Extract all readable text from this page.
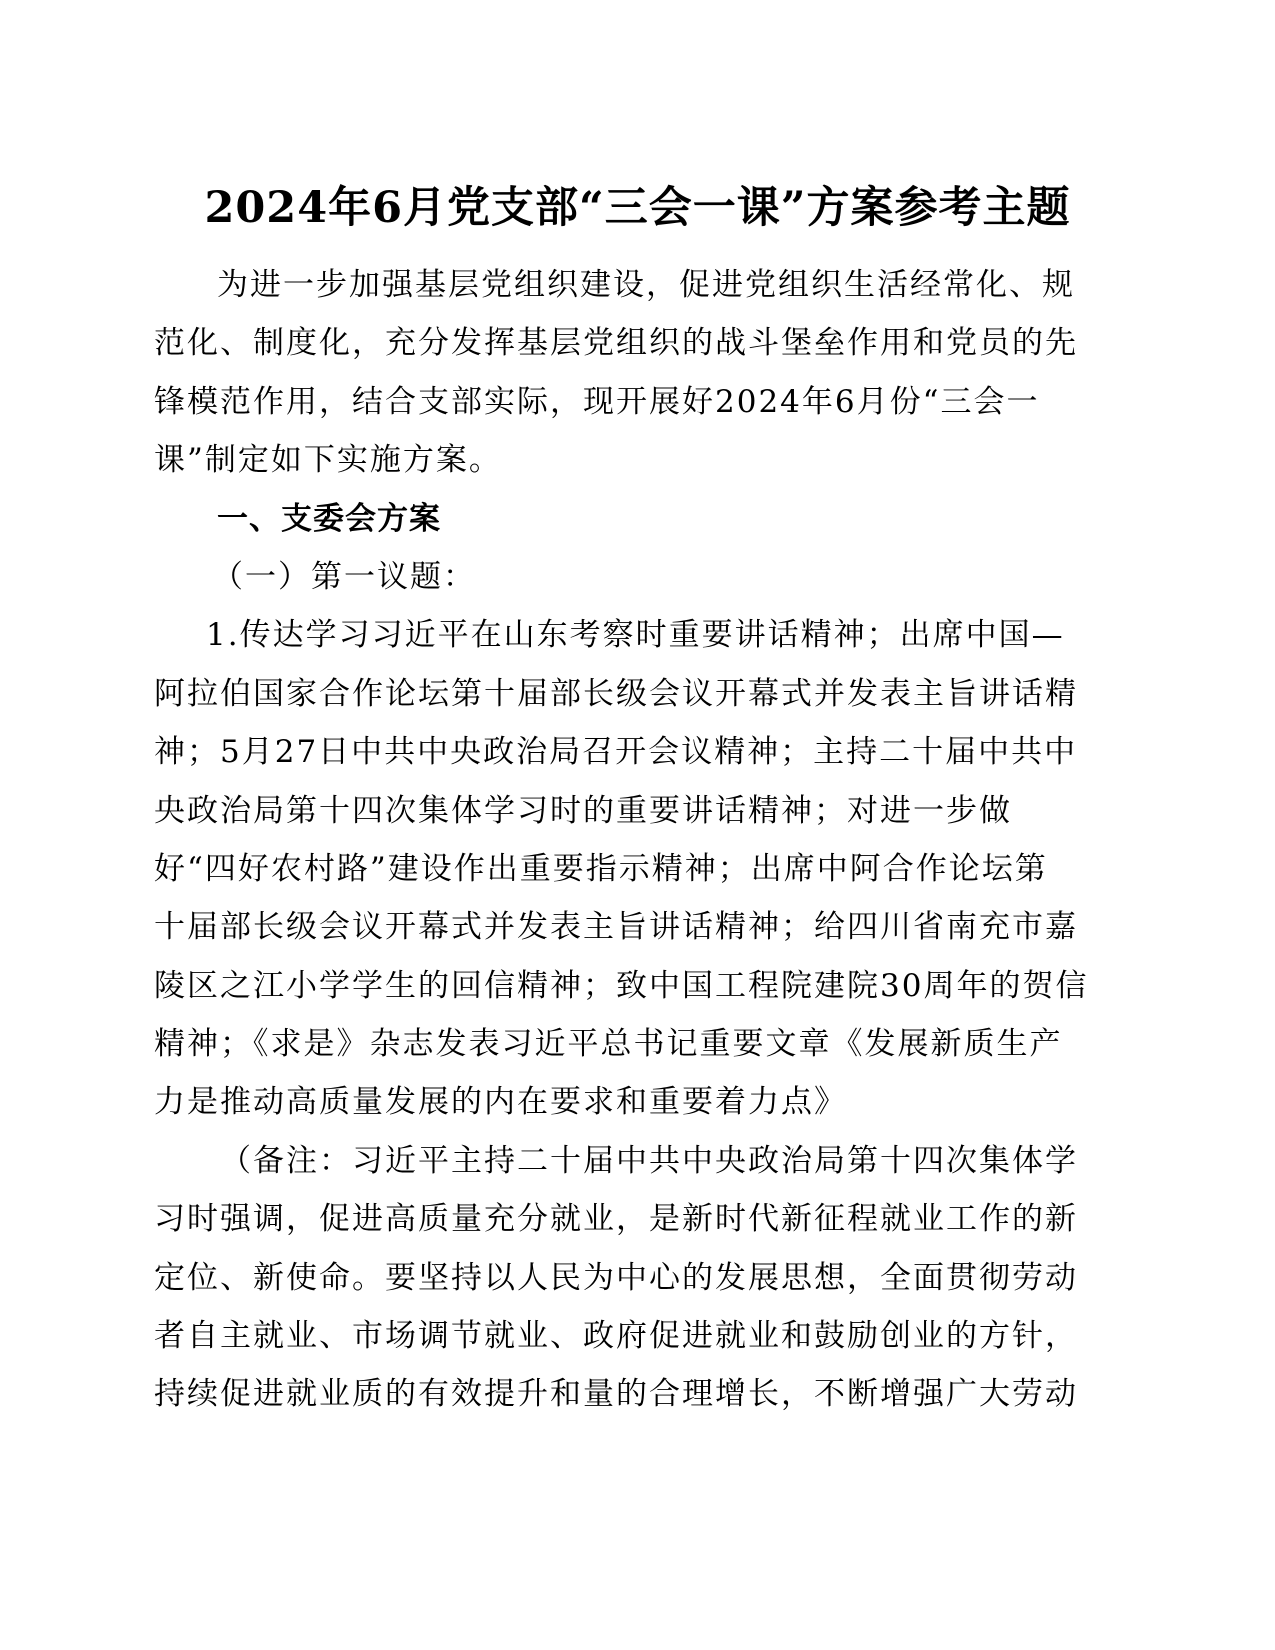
2024年6月党支部“三会一课”方案参考主题
为进一步加强基层党组织建设，促进党组织生活经常化、规
范化、制度化，充分发挥基层党组织的战斗堡垒作用和党员的先
锋模范作用，结合支部实际，现开展好2024年6月份“三会一
课”制定如下实施方案。
一、支委会方案
（一）第一议题：
1.传达学习习近平在山东考察时重要讲话精神；出席中国—
阿拉伯国家合作论坛第十届部长级会议开幕式并发表主旨讲话精
神；5月27日中共中央政治局召开会议精神；主持二十届中共中
央政治局第十四次集体学习时的重要讲话精神；对进一步做
好“四好农村路”建设作出重要指示精神；出席中阿合作论坛第
十届部长级会议开幕式并发表主旨讲话精神；给四川省南充市嘉
陵区之江小学学生的回信精神；致中国工程院建院30周年的贺信
精神；《求是》杂志发表习近平总书记重要文章《发展新质生产
力是推动高质量发展的内在要求和重要着力点》
（备注：习近平主持二十届中共中央政治局第十四次集体学
习时强调，促进高质量充分就业，是新时代新征程就业工作的新
定位、新使命。要坚持以人民为中心的发展思想，全面贯彻劳动
者自主就业、市场调节就业、政府促进就业和鼓励创业的方针，
持续促进就业质的有效提升和量的合理增长，不断增强广大劳动
